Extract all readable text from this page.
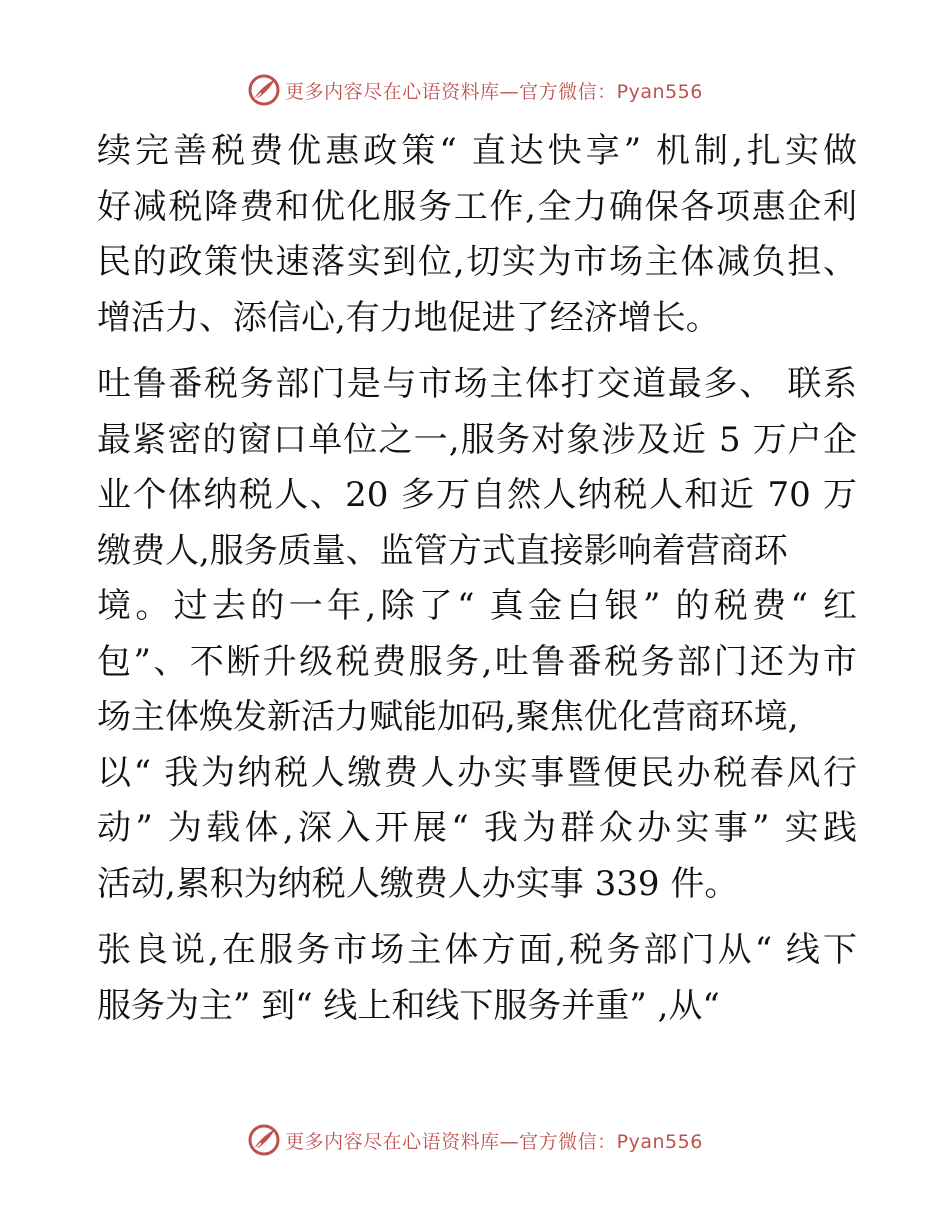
更多内容尽在心语资料库—官方微信：Pyan556

续完善税费优惠政策“ 直达快享” 机制,扎实做
好减税降费和优化服务工作,全力确保各项惠企利
民的政策快速落实到位,切实为市场主体减负担、
增活力、添信心,有力地促进了经济增长。

吐鲁番税务部门是与市场主体打交道最多、 联系
最紧密的窗口单位之一,服务对象涉及近 5 万户企
业个体纳税人、20 多万自然人纳税人和近 70 万
缴费人,服务质量、监管方式直接影响着营商环
境。过去的一年,除了“ 真金白银” 的税费“ 红
包”、不断升级税费服务,吐鲁番税务部门还为市
场主体焕发新活力赋能加码,聚焦优化营商环境,
以“ 我为纳税人缴费人办实事暨便民办税春风行
动” 为载体,深入开展“ 我为群众办实事” 实践
活动,累积为纳税人缴费人办实事 339 件。

张良说,在服务市场主体方面,税务部门从“ 线下
服务为主” 到“ 线上和线下服务并重” ,从“

更多内容尽在心语资料库—官方微信：Pyan556
